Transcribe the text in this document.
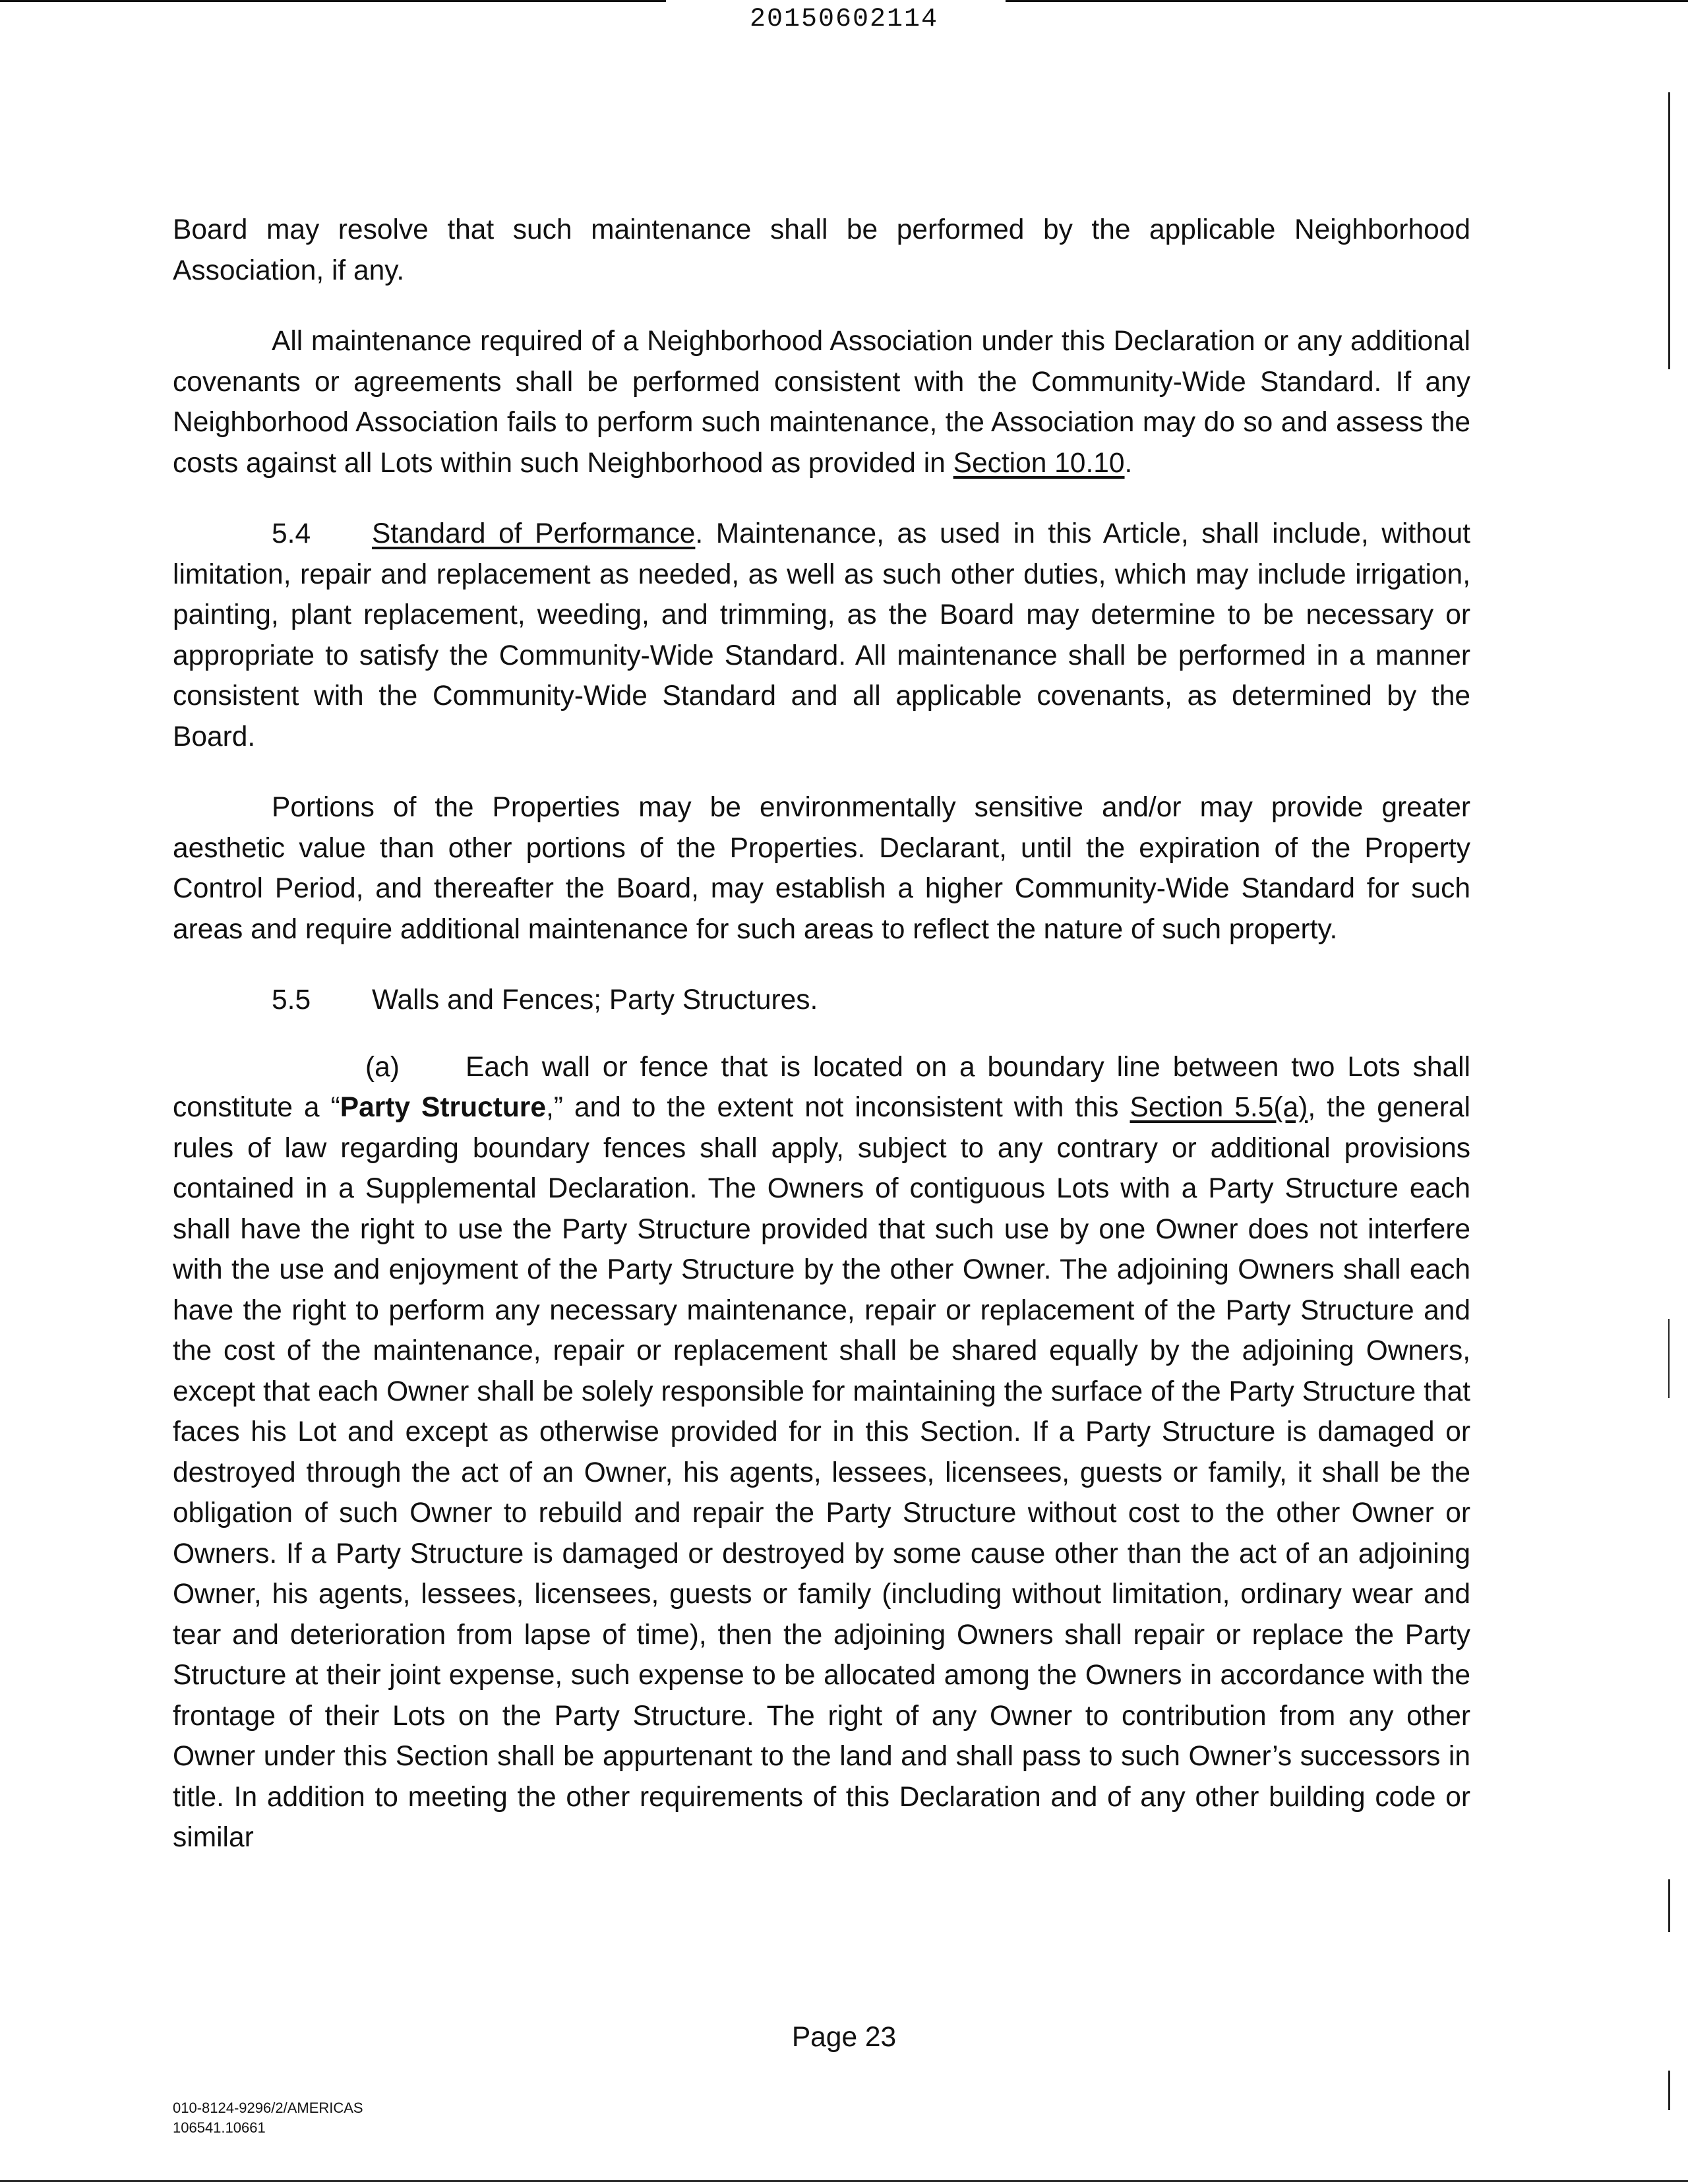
20150602114

Board may resolve that such maintenance shall be performed by the applicable Neighborhood Association, if any.

All maintenance required of a Neighborhood Association under this Declaration or any additional covenants or agreements shall be performed consistent with the Community-Wide Standard. If any Neighborhood Association fails to perform such maintenance, the Association may do so and assess the costs against all Lots within such Neighborhood as provided in Section 10.10.

5.4 Standard of Performance. Maintenance, as used in this Article, shall include, without limitation, repair and replacement as needed, as well as such other duties, which may include irrigation, painting, plant replacement, weeding, and trimming, as the Board may determine to be necessary or appropriate to satisfy the Community-Wide Standard. All maintenance shall be performed in a manner consistent with the Community-Wide Standard and all applicable covenants, as determined by the Board.

Portions of the Properties may be environmentally sensitive and/or may provide greater aesthetic value than other portions of the Properties. Declarant, until the expiration of the Property Control Period, and thereafter the Board, may establish a higher Community-Wide Standard for such areas and require additional maintenance for such areas to reflect the nature of such property.

5.5 Walls and Fences; Party Structures.

(a) Each wall or fence that is located on a boundary line between two Lots shall constitute a “Party Structure,” and to the extent not inconsistent with this Section 5.5(a), the general rules of law regarding boundary fences shall apply, subject to any contrary or additional provisions contained in a Supplemental Declaration. The Owners of contiguous Lots with a Party Structure each shall have the right to use the Party Structure provided that such use by one Owner does not interfere with the use and enjoyment of the Party Structure by the other Owner. The adjoining Owners shall each have the right to perform any necessary maintenance, repair or replacement of the Party Structure and the cost of the maintenance, repair or replacement shall be shared equally by the adjoining Owners, except that each Owner shall be solely responsible for maintaining the surface of the Party Structure that faces his Lot and except as otherwise provided for in this Section. If a Party Structure is damaged or destroyed through the act of an Owner, his agents, lessees, licensees, guests or family, it shall be the obligation of such Owner to rebuild and repair the Party Structure without cost to the other Owner or Owners. If a Party Structure is damaged or destroyed by some cause other than the act of an adjoining Owner, his agents, lessees, licensees, guests or family (including without limitation, ordinary wear and tear and deterioration from lapse of time), then the adjoining Owners shall repair or replace the Party Structure at their joint expense, such expense to be allocated among the Owners in accordance with the frontage of their Lots on the Party Structure. The right of any Owner to contribution from any other Owner under this Section shall be appurtenant to the land and shall pass to such Owner’s successors in title. In addition to meeting the other requirements of this Declaration and of any other building code or similar

Page 23
010-8124-9296/2/AMERICAS
106541.10661
